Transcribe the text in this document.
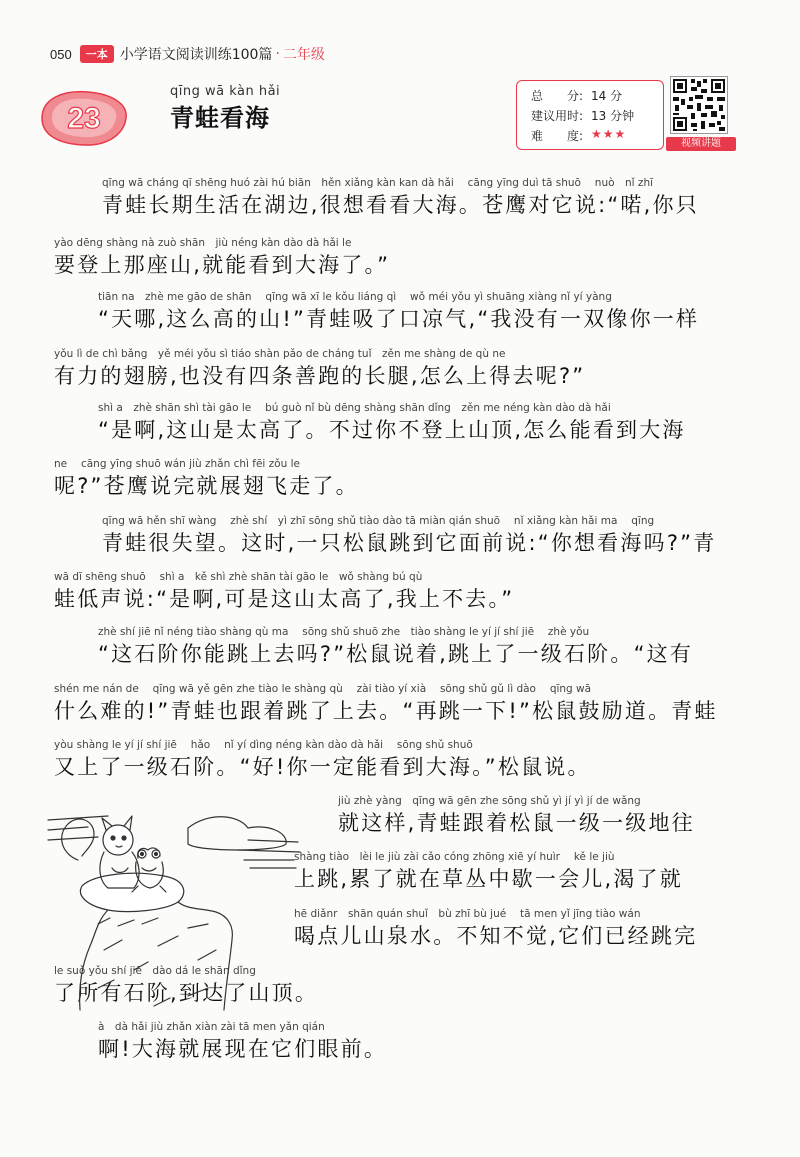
050	一本 小学语文阅读训练100篇 · 二年级
23
qīng wā kàn hǎi
青蛙看海
总　　分: 14 分
建议用时: 13 分钟
难　　度: ★★★
视频讲题
qīng wā cháng qī shēng huó zài hú biān　hěn xiǎng kàn kan dà hǎi　 cāng yīng duì tā shuō　 nuò　nǐ zhī
青蛙长期生活在湖边,很想看看大海。苍鹰对它说:“喏,你只
yào dēng shàng nà zuò shān　jiù néng kàn dào dà hǎi le
要登上那座山,就能看到大海了。”
tiān na　zhè me gāo de shān　 qīng wā xī le kǒu liáng qì　 wǒ méi yǒu yì shuāng xiàng nǐ yí yàng
“天哪,这么高的山!”青蛙吸了口凉气,“我没有一双像你一样
yǒu lì de chì bǎng　yě méi yǒu sì tiáo shàn pǎo de cháng tuǐ　zěn me shàng de qù ne
有力的翅膀,也没有四条善跑的长腿,怎么上得去呢?”
shì a　zhè shān shì tài gāo le　 bú guò nǐ bù dēng shàng shān dǐng　zěn me néng kàn dào dà hǎi
“是啊,这山是太高了。不过你不登上山顶,怎么能看到大海
ne　 cāng yīng shuō wán jiù zhǎn chì fēi zǒu le
呢?”苍鹰说完就展翅飞走了。
qīng wā hěn shī wàng　 zhè shí　yì zhī sōng shǔ tiào dào tā miàn qián shuō　 nǐ xiǎng kàn hǎi ma　 qīng
青蛙很失望。这时,一只松鼠跳到它面前说:“你想看海吗?”青
wā dī shēng shuō　 shì a　kě shì zhè shān tài gāo le　wǒ shàng bú qù
蛙低声说:“是啊,可是这山太高了,我上不去。”
zhè shí jiē nǐ néng tiào shàng qù ma　 sōng shǔ shuō zhe　tiào shàng le yí jí shí jiē　 zhè yǒu
“这石阶你能跳上去吗?”松鼠说着,跳上了一级石阶。“这有
shén me nán de　 qīng wā yě gēn zhe tiào le shàng qù　 zài tiào yí xià　 sōng shǔ gǔ lì dào　 qīng wā
什么难的!”青蛙也跟着跳了上去。“再跳一下!”松鼠鼓励道。青蛙
yòu shàng le yí jí shí jiē　 hǎo　 nǐ yí dìng néng kàn dào dà hǎi　 sōng shǔ shuō
又上了一级石阶。“好!你一定能看到大海。”松鼠说。
jiù zhè yàng　qīng wā gēn zhe sōng shǔ yì jí yì jí de wǎng
就这样,青蛙跟着松鼠一级一级地往
shàng tiào　lèi le jiù zài cǎo cóng zhōng xiē yí huìr　 kě le jiù
上跳,累了就在草丛中歇一会儿,渴了就
hē diǎnr　shān quán shuǐ　bù zhī bù jué　 tā men yǐ jīng tiào wán
喝点儿山泉水。不知不觉,它们已经跳完
le suǒ yǒu shí jiē　dào dá le shān dǐng
了所有石阶,到达了山顶。
à　dà hǎi jiù zhǎn xiàn zài tā men yǎn qián
啊!大海就展现在它们眼前。
